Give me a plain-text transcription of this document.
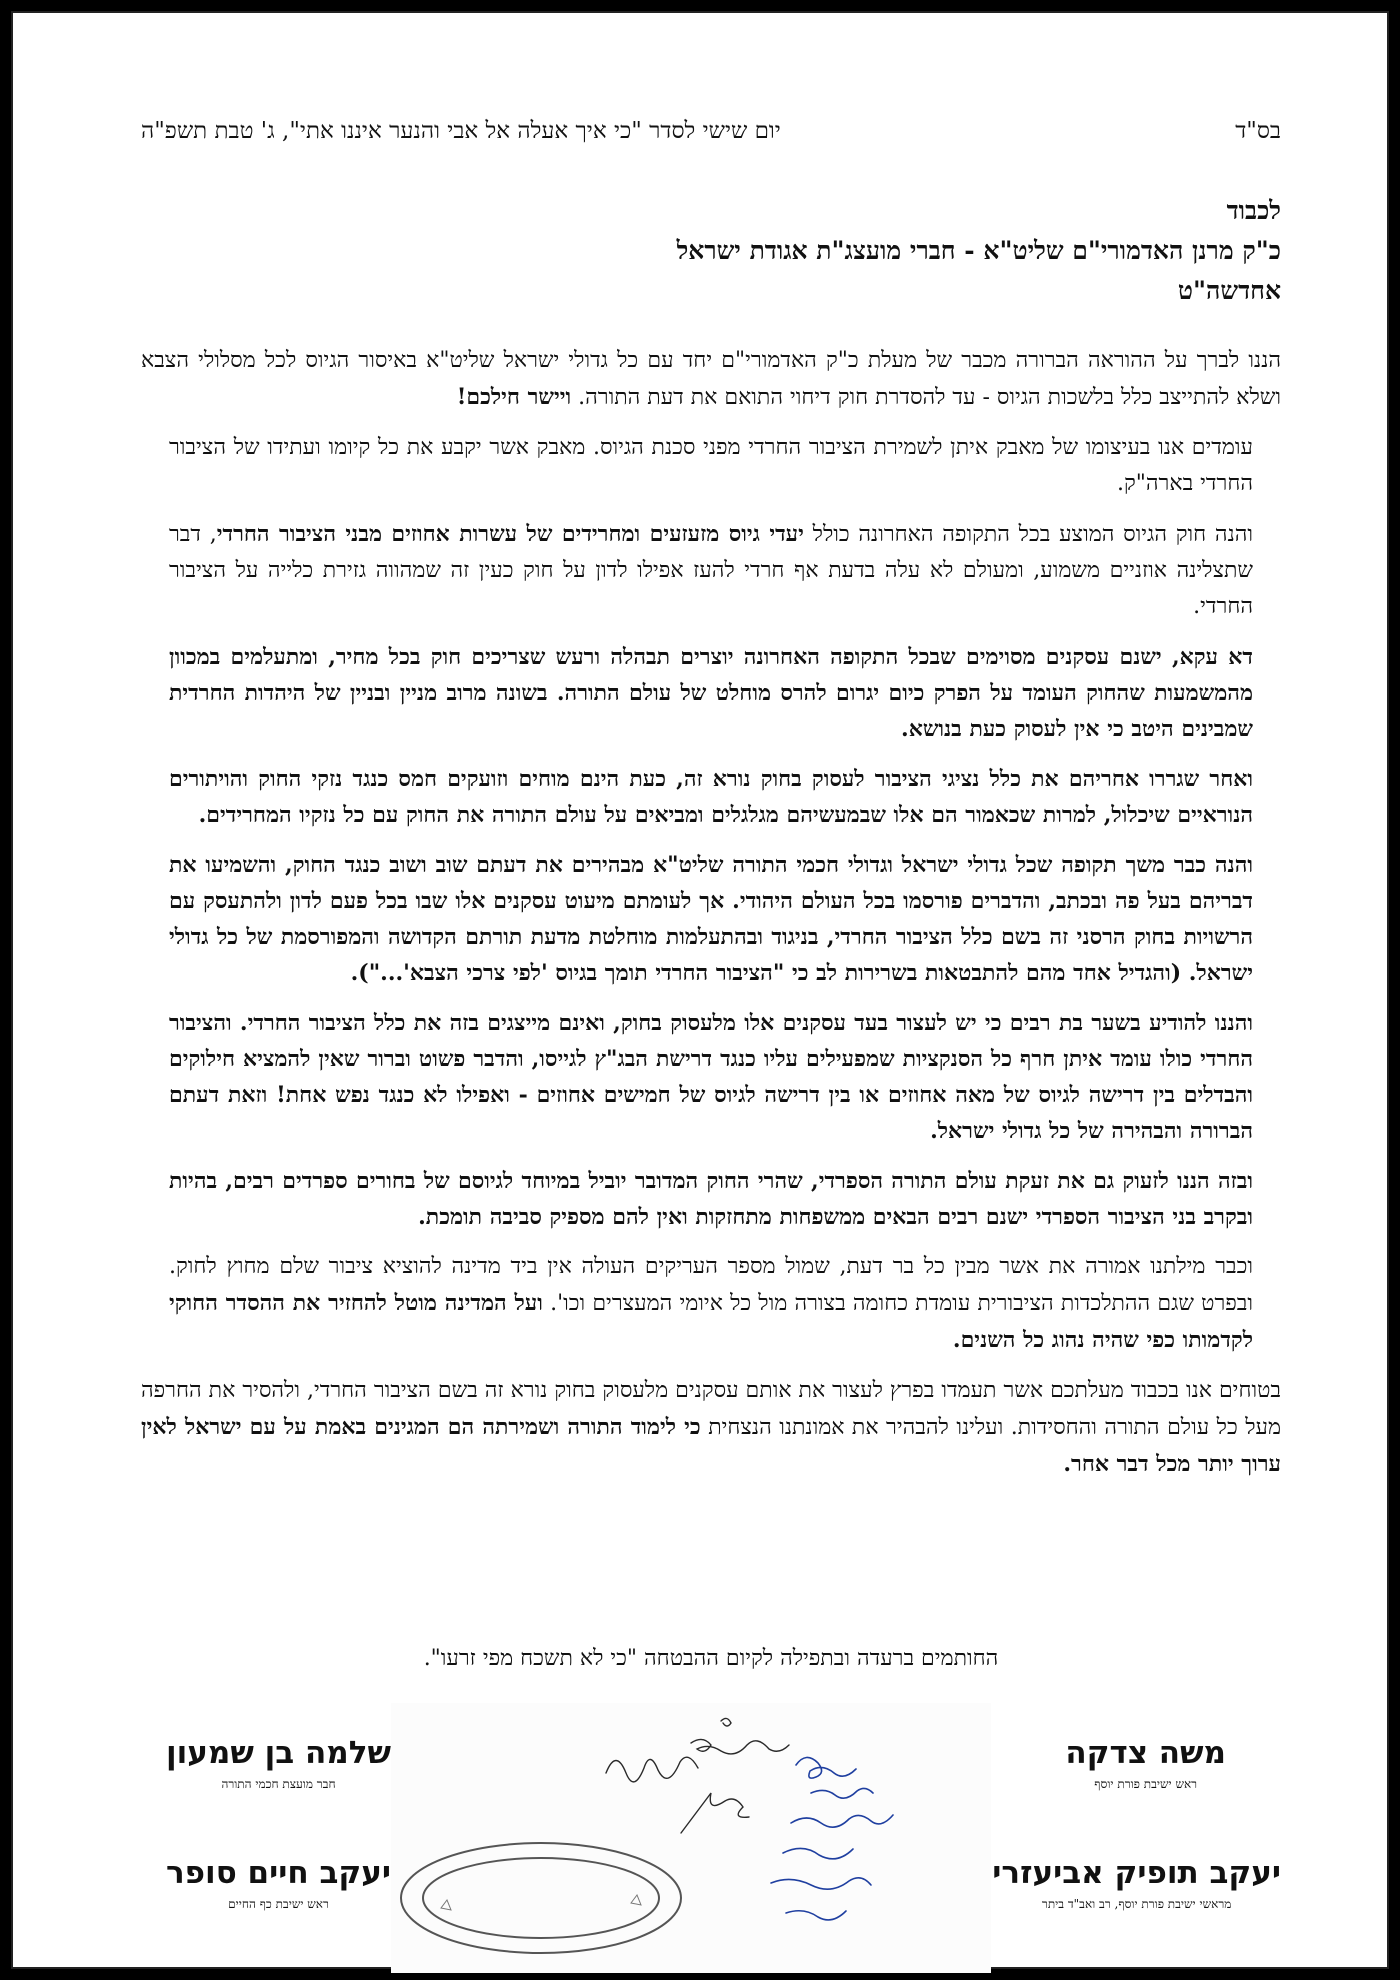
בס"ד
יום שישי לסדר "כי איך אעלה אל אבי והנער איננו אתי", ג' טבת תשפ"ה
לכבוד
כ"ק מרנן האדמורי"ם שליט"א - חברי מועצג"ת אגודת ישראל
אחדשה"ט

הננו לברך על ההוראה הברורה מכבר של מעלת כ"ק האדמורי"ם יחד עם כל גדולי ישראל שליט"א באיסור הגיוס לכל מסלולי הצבא ושלא להתייצב כלל בלשכות הגיוס - עד להסדרת חוק דיחוי התואם את דעת התורה. ויישר חילכם!

עומדים אנו בעיצומו של מאבק איתן לשמירת הציבור החרדי מפני סכנת הגיוס. מאבק אשר יקבע את כל קיומו ועתידו של הציבור החרדי בארה"ק.

והנה חוק הגיוס המוצע בכל התקופה האחרונה כולל יעדי גיוס מזעזעים ומחרידים של עשרות אחוזים מבני הציבור החרדי, דבר שתצלינה אוזניים משמוע, ומעולם לא עלה בדעת אף חרדי להעז אפילו לדון על חוק כעין זה שמהווה גזירת כלייה על הציבור החרדי.

דא עקא, ישנם עסקנים מסוימים שבכל התקופה האחרונה יוצרים תבהלה ורעש שצריכים חוק בכל מחיר, ומתעלמים במכוון מהמשמעות שהחוק העומד על הפרק כיום יגרום להרס מוחלט של עולם התורה. בשונה מרוב מניין ובניין של היהדות החרדית שמבינים היטב כי אין לעסוק כעת בנושא.

ואחר שגררו אחריהם את כלל נציגי הציבור לעסוק בחוק נורא זה, כעת הינם מוחים וזועקים חמס כנגד נזקי החוק והויתורים הנוראיים שיכלול, למרות שכאמור הם אלו שבמעשיהם מגלגלים ומביאים על עולם התורה את החוק עם כל נזקיו המחרידים.

והנה כבר משך תקופה שכל גדולי ישראל וגדולי חכמי התורה שליט"א מבהירים את דעתם שוב ושוב כנגד החוק, והשמיעו את דבריהם בעל פה ובכתב, והדברים פורסמו בכל העולם היהודי. אך לעומתם מיעוט עסקנים אלו שבו בכל פעם לדון ולהתעסק עם הרשויות בחוק הרסני זה בשם כלל הציבור החרדי, בניגוד ובהתעלמות מוחלטת מדעת תורתם הקדושה והמפורסמת של כל גדולי ישראל. (והגדיל אחד מהם להתבטאות בשרירות לב כי "הציבור החרדי תומך בגיוס 'לפי צרכי הצבא'...").

והננו להודיע בשער בת רבים כי יש לעצור בעד עסקנים אלו מלעסוק בחוק, ואינם מייצגים בזה את כלל הציבור החרדי. והציבור החרדי כולו עומד איתן חרף כל הסנקציות שמפעילים עליו כנגד דרישת הבג"ץ לגייסו, והדבר פשוט וברור שאין להמציא חילוקים והבדלים בין דרישה לגיוס של מאה אחוזים או בין דרישה לגיוס של חמישים אחוזים - ואפילו לא כנגד נפש אחת! וזאת דעתם הברורה והבהירה של כל גדולי ישראל.

ובזה הננו לזעוק גם את זעקת עולם התורה הספרדי, שהרי החוק המדובר יוביל במיוחד לגיוסם של בחורים ספרדים רבים, בהיות ובקרב בני הציבור הספרדי ישנם רבים הבאים ממשפחות מתחזקות ואין להם מספיק סביבה תומכת.

וכבר מילתנו אמורה את אשר מבין כל בר דעת, שמול מספר העריקים העולה אין ביד מדינה להוציא ציבור שלם מחוץ לחוק. ובפרט שגם ההתלכדות הציבורית עומדת כחומה בצורה מול כל איומי המעצרים וכו'. ועל המדינה מוטל להחזיר את ההסדר החוקי לקדמותו כפי שהיה נהוג כל השנים.

בטוחים אנו בכבוד מעלתכם אשר תעמדו בפרץ לעצור את אותם עסקנים מלעסוק בחוק נורא זה בשם הציבור החרדי, ולהסיר את החרפה מעל כל עולם התורה והחסידות. ועלינו להבהיר את אמונתנו הנצחית כי לימוד התורה ושמירתה הם המגינים באמת על עם ישראל לאין ערוך יותר מכל דבר אחר.

החותמים ברעדה ובתפילה לקיום ההבטחה "כי לא תשכח מפי זרעו".
משה צדקה
ראש ישיבת פורת יוסף
שלמה בן שמעון
חבר מועצת חכמי התורה
יעקב תופיק אביעזרי
מראשי ישיבת פורת יוסף, רב ואב"ד ביתר
יעקב חיים סופר
ראש ישיבת כף החיים
